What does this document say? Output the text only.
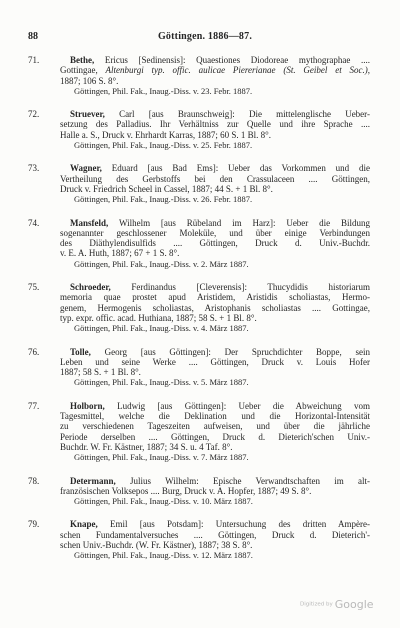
88	Göttingen. 1886—87.
71.	Bethe, Ericus [Sedinensis]: Quaestiones Diodoreae mythographae ....
Gottingae, Altenburgi typ. offic. aulicae Piererianae (St. Geibel et Soc.),
1887; 106 S. 8°.
Göttingen, Phil. Fak., Inaug.-Diss. v. 23. Febr. 1887.
72.	Struever, Carl [aus Braunschweig]: Die mittelenglische Ueber-
setzung des Palladius. Ihr Verhältniss zur Quelle und ihre Sprache ....
Halle a. S., Druck v. Ehrhardt Karras, 1887; 60 S. 1 Bl. 8°.
Göttingen, Phil. Fak., Inaug.-Diss. v. 25. Febr. 1887.
73.	Wagner, Eduard [aus Bad Ems]: Ueber das Vorkommen und die
Vertheilung des Gerbstoffs bei den Crassulaceen .... Göttingen,
Druck v. Friedrich Scheel in Cassel, 1887; 44 S. + 1 Bl. 8°.
Göttingen, Phil. Fak., Inaug.-Diss. v. 26. Febr. 1887.
74.	Mansfeld, Wilhelm [aus Rübeland im Harz]: Ueber die Bildung
sogenannter geschlossener Moleküle, und über einige Verbindungen
des Diäthylendisulfids .... Göttingen, Druck d. Univ.-Buchdr.
v. E. A. Huth, 1887; 67 + 1 S. 8°.
Göttingen, Phil. Fak., Inaug.-Diss. v. 2. März 1887.
75.	Schroeder, Ferdinandus [Cleverensis]: Thucydidis historiarum
memoria quae prostet apud Aristidem, Aristidis scholiastas, Hermo-
genem, Hermogenis scholiastas, Aristophanis scholiastas .... Gottingae,
typ. expr. offic. acad. Huthiana, 1887; 58 S. + 1 Bl. 8°.
Göttingen, Phil. Fak., Inaug.-Diss. v. 4. März 1887.
76.	Tolle, Georg [aus Göttingen]: Der Spruchdichter Boppe, sein
Leben und seine Werke .... Göttingen, Druck v. Louis Hofer
1887; 58 S. + 1 Bl. 8°.
Göttingen, Phil. Fak., Inaug.-Diss. v. 5. März 1887.
77.	Holborn, Ludwig [aus Göttingen]: Ueber die Abweichung vom
Tagesmittel, welche die Deklination und die Horizontal-Intensität
zu verschiedenen Tageszeiten aufweisen, und über die jährliche
Periode derselben .... Göttingen, Druck d. Dieterich'schen Univ.-
Buchdr. W. Fr. Kästner, 1887; 34 S. u. 4 Taf. 8°.
Göttingen, Phil. Fak., Inaug.-Diss. v. 7. März 1887.
78.	Determann, Julius Wilhelm: Epische Verwandtschaften im alt-
französischen Volksepos .... Burg, Druck v. A. Hopfer, 1887; 49 S. 8°.
Göttingen, Phil. Fak., Inaug.-Diss. v. 10. März 1887.
79.	Knape, Emil [aus Potsdam]: Untersuchung des dritten Ampère-
schen Fundamentalversuches .... Göttingen, Druck d. Dieterich'-
schen Univ.-Buchdr. (W. Fr. Kästner), 1887; 38 S. 8°.
Göttingen, Phil. Fak., Inaug.-Diss. v. 12. März 1887.
Digitized by Google
